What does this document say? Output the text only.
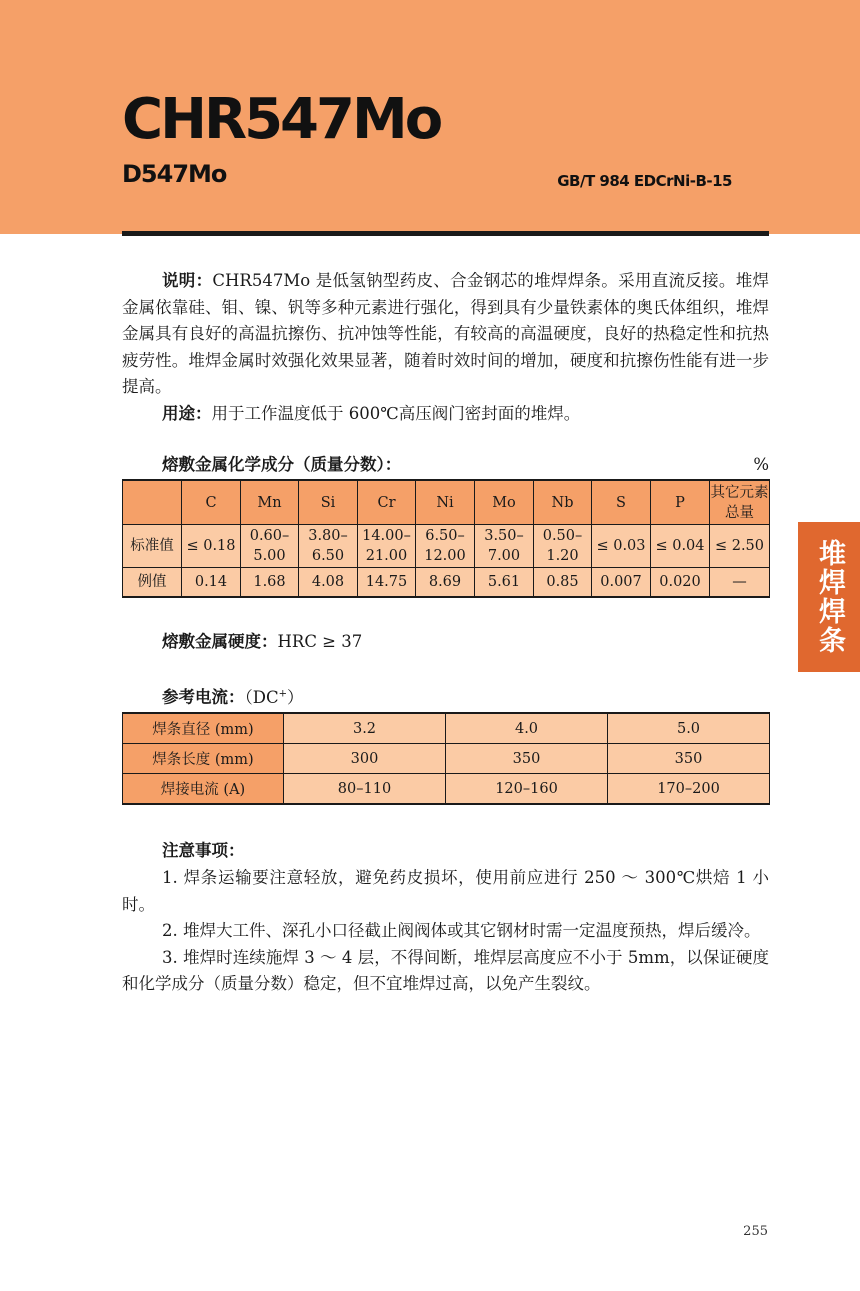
CHR547Mo
D547Mo	GB/T 984 EDCrNi-B-15
堆焊焊条

说明：CHR547Mo 是低氢钠型药皮、合金钢芯的堆焊焊条。采用直流反接。堆焊金属依靠硅、钼、镍、钒等多种元素进行强化，得到具有少量铁素体的奥氏体组织，堆焊金属具有良好的高温抗擦伤、抗冲蚀等性能，有较高的高温硬度，良好的热稳定性和抗热疲劳性。堆焊金属时效强化效果显著，随着时效时间的增加，硬度和抗擦伤性能有进一步提高。

用途：用于工作温度低于 600℃高压阀门密封面的堆焊。

熔敷金属化学成分（质量分数）：	%
	C	Mn	Si	Cr	Ni	Mo	Nb	S	P	其它元素总量
标准值	≤ 0.18	0.60–5.00	3.80–6.50	14.00–21.00	6.50–12.00	3.50–7.00	0.50–1.20	≤ 0.03	≤ 0.04	≤ 2.50
例值	0.14	1.68	4.08	14.75	8.69	5.61	0.85	0.007	0.020	—
熔敷金属硬度：HRC ≥ 37
参考电流：（DC+）
焊条直径 (mm)	3.2	4.0	5.0
焊条长度 (mm)	300	350	350
焊接电流 (A)	80–110	120–160	170–200
注意事项：

1. 焊条运输要注意轻放，避免药皮损坏，使用前应进行 250 ～ 300℃烘焙 1 小时。

2. 堆焊大工件、深孔小口径截止阀阀体或其它钢材时需一定温度预热，焊后缓冷。

3. 堆焊时连续施焊 3 ～ 4 层，不得间断，堆焊层高度应不小于 5mm，以保证硬度和化学成分（质量分数）稳定，但不宜堆焊过高，以免产生裂纹。

255
